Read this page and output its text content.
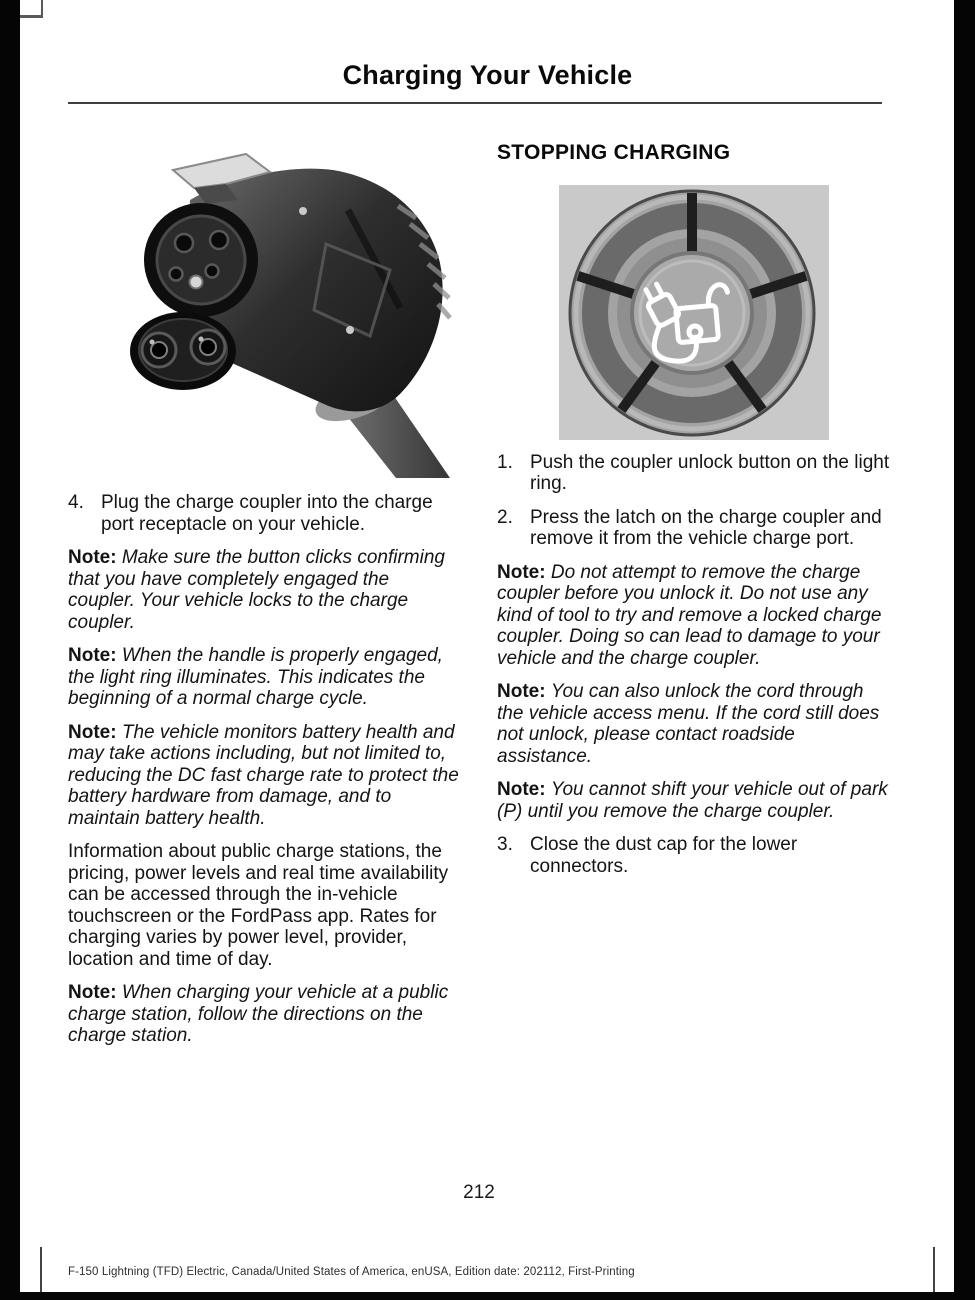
Charging Your Vehicle
4. Plug the charge coupler into the charge port receptacle on your vehicle.

Note: Make sure the button clicks confirming that you have completely engaged the coupler. Your vehicle locks to the charge coupler.

Note: When the handle is properly engaged, the light ring illuminates. This indicates the beginning of a normal charge cycle.

Note: The vehicle monitors battery health and may take actions including, but not limited to, reducing the DC fast charge rate to protect the battery hardware from damage, and to maintain battery health.

Information about public charge stations, the pricing, power levels and real time availability can be accessed through the in-vehicle touchscreen or the FordPass app. Rates for charging varies by power level, provider, location and time of day.

Note: When charging your vehicle at a public charge station, follow the directions on the charge station.

STOPPING CHARGING
1. Push the coupler unlock button on the light ring.
2. Press the latch on the charge coupler and remove it from the vehicle charge port.

Note: Do not attempt to remove the charge coupler before you unlock it. Do not use any kind of tool to try and remove a locked charge coupler. Doing so can lead to damage to your vehicle and the charge coupler.

Note: You can also unlock the cord through the vehicle access menu. If the cord still does not unlock, please contact roadside assistance.

Note: You cannot shift your vehicle out of park (P) until you remove the charge coupler.

3. Close the dust cap for the lower connectors.
212
F-150 Lightning (TFD) Electric, Canada/United States of America, enUSA, Edition date: 202112, First-Printing
